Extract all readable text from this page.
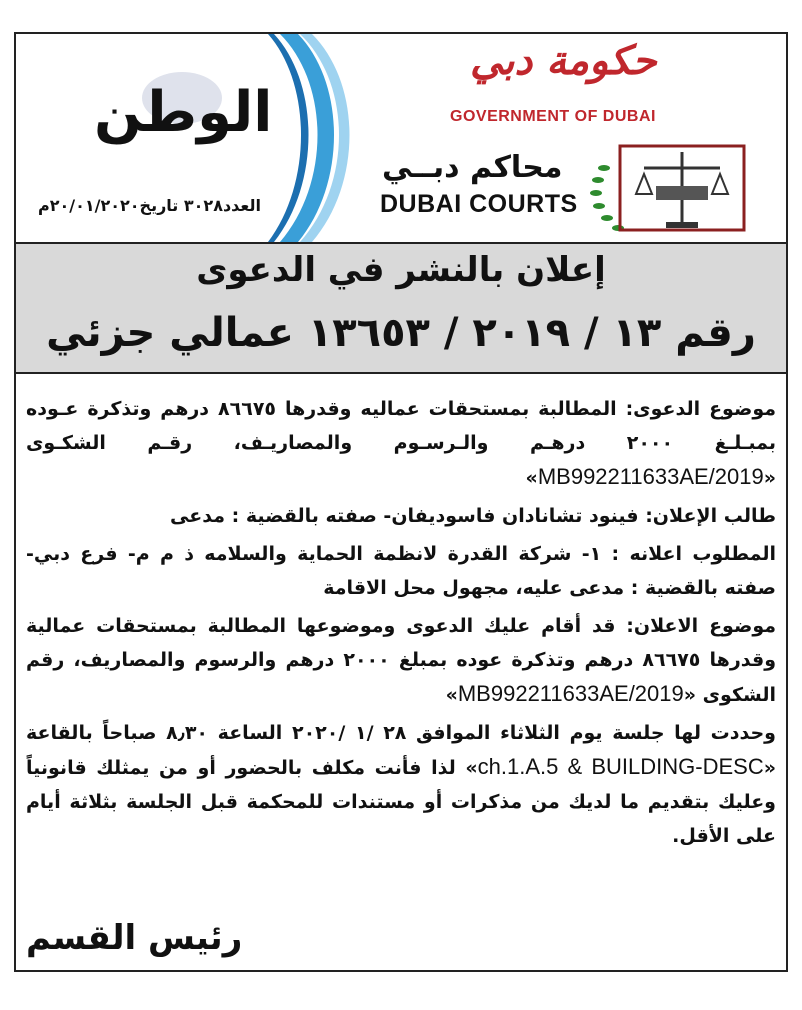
الوطن
العدد٣٠٢٨ تاريخ٢٠/٠١/٢٠٢٠م
حكومة دبي
GOVERNMENT OF DUBAI
محاكم دبــي
DUBAI COURTS
إعلان بالنشر في الدعوى
رقم ١٣ / ٢٠١٩ / ١٣٦٥٣ عمالي جزئي

موضوع الدعوى: المطالبة بمستحقات عماليه وقدرها ٨٦٦٧٥ درهم وتذكرة عـوده بمبـلـغ ٢٠٠٠ درهـم والـرسـوم والمصاريـف، رقـم الشكـوى «MB992211633AE/2019»

طالب الإعلان: فينود تشانادان فاسوديفان- صفته بالقضية : مدعى

المطلوب اعلانه : ١- شركة القدرة لانظمة الحماية والسلامه ذ م م- فرع دبي- صفته بالقضية : مدعى عليه، مجهول محل الاقامة

موضوع الاعلان: قد أقام عليك الدعوى وموضوعها المطالبة بمستحقات عمالية وقدرها ٨٦٦٧٥ درهم وتذكرة عوده بمبلغ ٢٠٠٠ درهم والرسوم والمصاريف، رقم الشكوى «MB992211633AE/2019»

وحددت لها جلسة يوم الثلاثاء الموافق ٢٨ /١ /٢٠٢٠ الساعة ٨٫٣٠ صباحاً بالقاعة «ch.1.A.5 & BUILDING-DESC» لذا فأنت مكلف بالحضور أو من يمثلك قانونياً وعليك بتقديم ما لديك من مذكرات أو مستندات للمحكمة قبل الجلسة بثلاثة أيام على الأقل.

رئيس القسم
